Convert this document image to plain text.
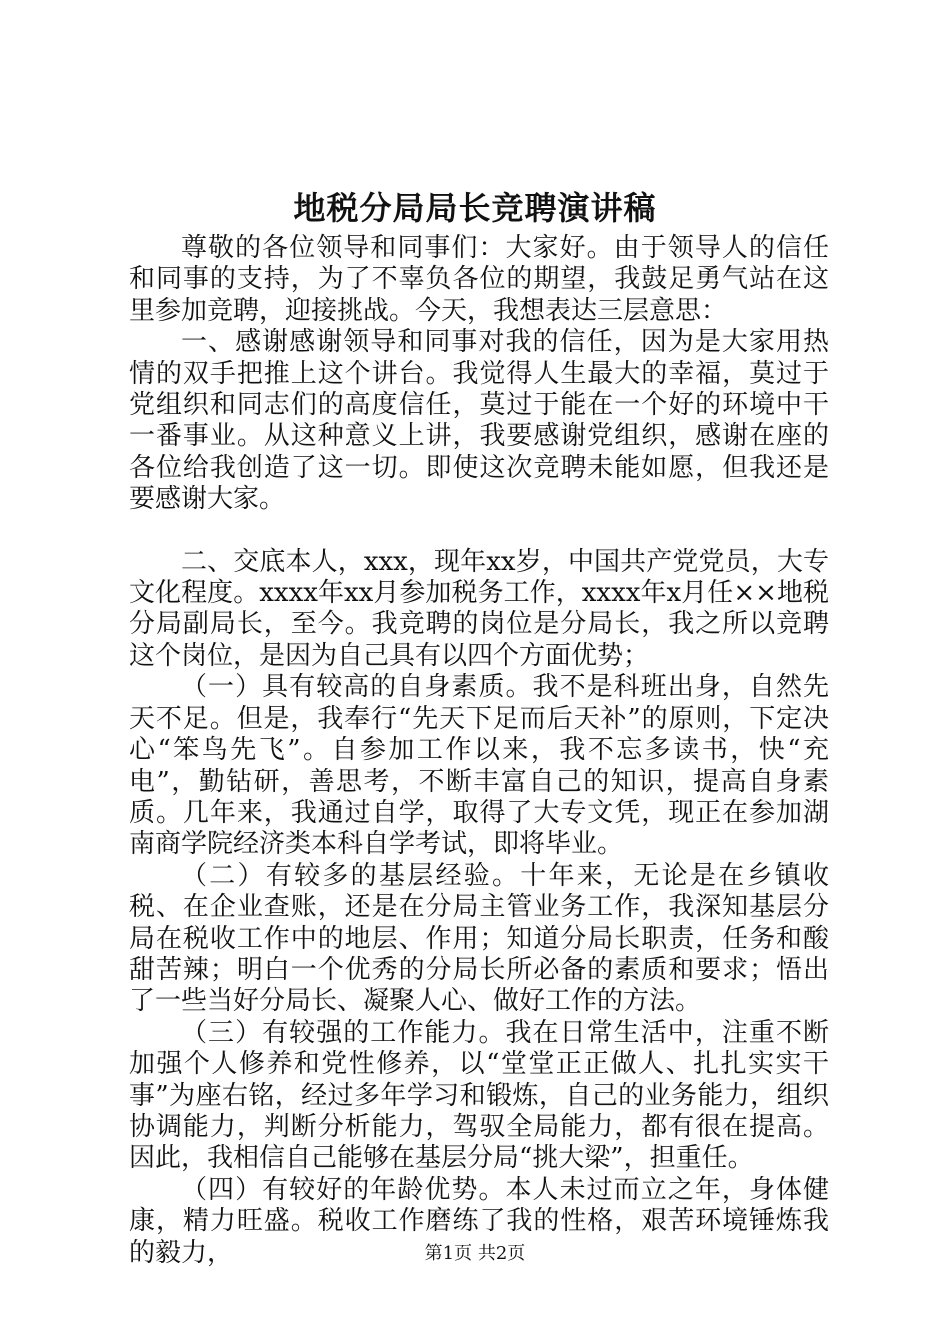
地税分局局长竞聘演讲稿

尊敬的各位领导和同事们：大家好。由于领导人的信任和同事的支持，为了不辜负各位的期望，我鼓足勇气站在这里参加竞聘，迎接挑战。今天，我想表达三层意思：

一、感谢感谢领导和同事对我的信任，因为是大家用热情的双手把推上这个讲台。我觉得人生最大的幸福，莫过于党组织和同志们的高度信任，莫过于能在一个好的环境中干一番事业。从这种意义上讲，我要感谢党组织，感谢在座的各位给我创造了这一切。即使这次竞聘未能如愿，但我还是要感谢大家。

二、交底本人，xxx，现年xx岁，中国共产党党员，大专文化程度。xxxx年xx月参加税务工作，xxxx年x月任××地税分局副局长，至今。我竞聘的岗位是分局长，我之所以竞聘这个岗位，是因为自己具有以四个方面优势；

（一）具有较高的自身素质。我不是科班出身，自然先天不足。但是，我奉行“先天下足而后天补”的原则，下定决心“笨鸟先飞”。自参加工作以来，我不忘多读书，快“充电”，勤钻研，善思考，不断丰富自己的知识，提高自身素质。几年来，我通过自学，取得了大专文凭，现正在参加湖南商学院经济类本科自学考试，即将毕业。

（二）有较多的基层经验。十年来，无论是在乡镇收税、在企业查账，还是在分局主管业务工作，我深知基层分局在税收工作中的地层、作用；知道分局长职责，任务和酸甜苦辣；明白一个优秀的分局长所必备的素质和要求；悟出了一些当好分局长、凝聚人心、做好工作的方法。

（三）有较强的工作能力。我在日常生活中，注重不断加强个人修养和党性修养，以“堂堂正正做人、扎扎实实干事”为座右铭，经过多年学习和锻炼，自己的业务能力，组织协调能力，判断分析能力，驾驭全局能力，都有很在提高。因此，我相信自己能够在基层分局“挑大梁”，担重任。

（四）有较好的年龄优势。本人未过而立之年，身体健康，精力旺盛。税收工作磨练了我的性格，艰苦环境锤炼我的毅力，	第1页 共2页
